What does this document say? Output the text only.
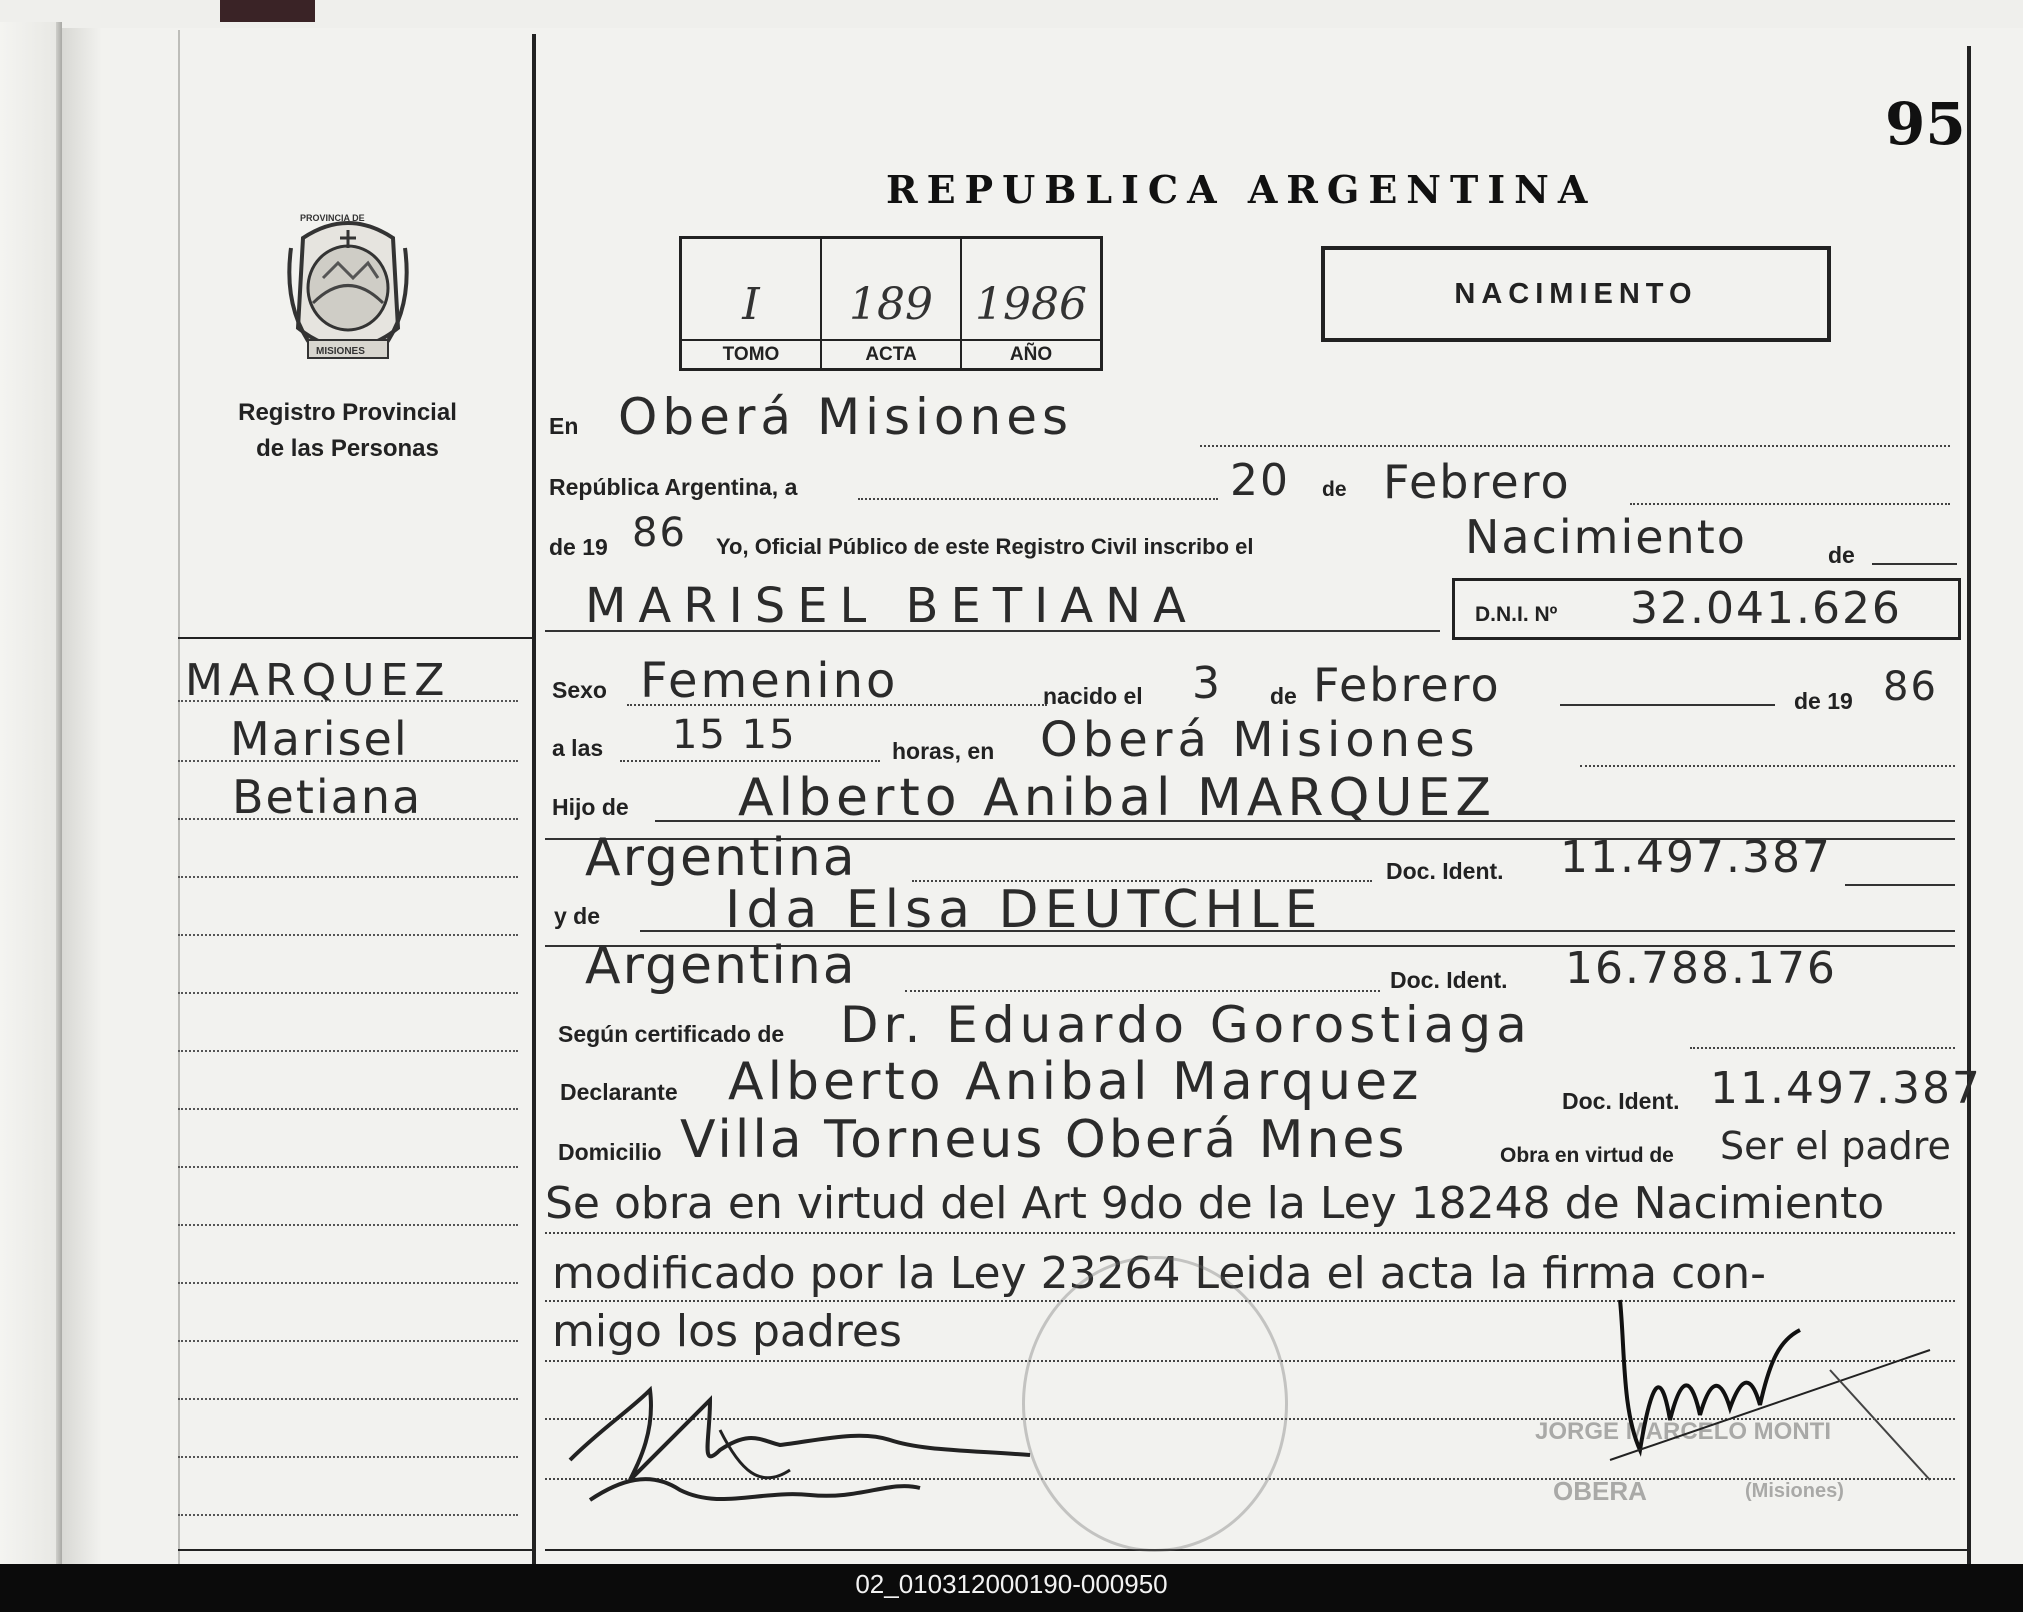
95
REPUBLICA ARGENTINA
PROVINCIA DE
MISIONES
Registro Provincial
de las Personas
I
TOMO
189
ACTA
1986
AÑO
NACIMIENTO
MARQUEZ
Marisel
Betiana
En Oberá Misiones
República Argentina, a	20 de Febrero
de 19 86 Yo, Oficial Público de este Registro Civil inscribo el	Nacimiento	de
MARISEL BETIANA	D.N.I. Nº 32.041.626
Sexo Femenino	nacido el 3 de Febrero	de 19 86
a las 15 15	horas, en Oberá Misiones
Hijo de Alberto Anibal MARQUEZ
Argentina	Doc. Ident. 11.497.387
y de Ida Elsa DEUTCHLE
Argentina	Doc. Ident. 16.788.176
Según certificado de Dr. Eduardo Gorostiaga
Declarante Alberto Anibal Marquez	Doc. Ident. 11.497.387
Domicilio Villa Torneus Oberá Mnes	Obra en virtud de Ser el padre
Se obra en virtud del Art 9do de la Ley 18248 de Nacimiento
modificado por la Ley 23264 Leida el acta la firma con-
migo los padres
JORGE MARCELO MONTI
OBERA	(Misiones)
02_010312000190-000950
